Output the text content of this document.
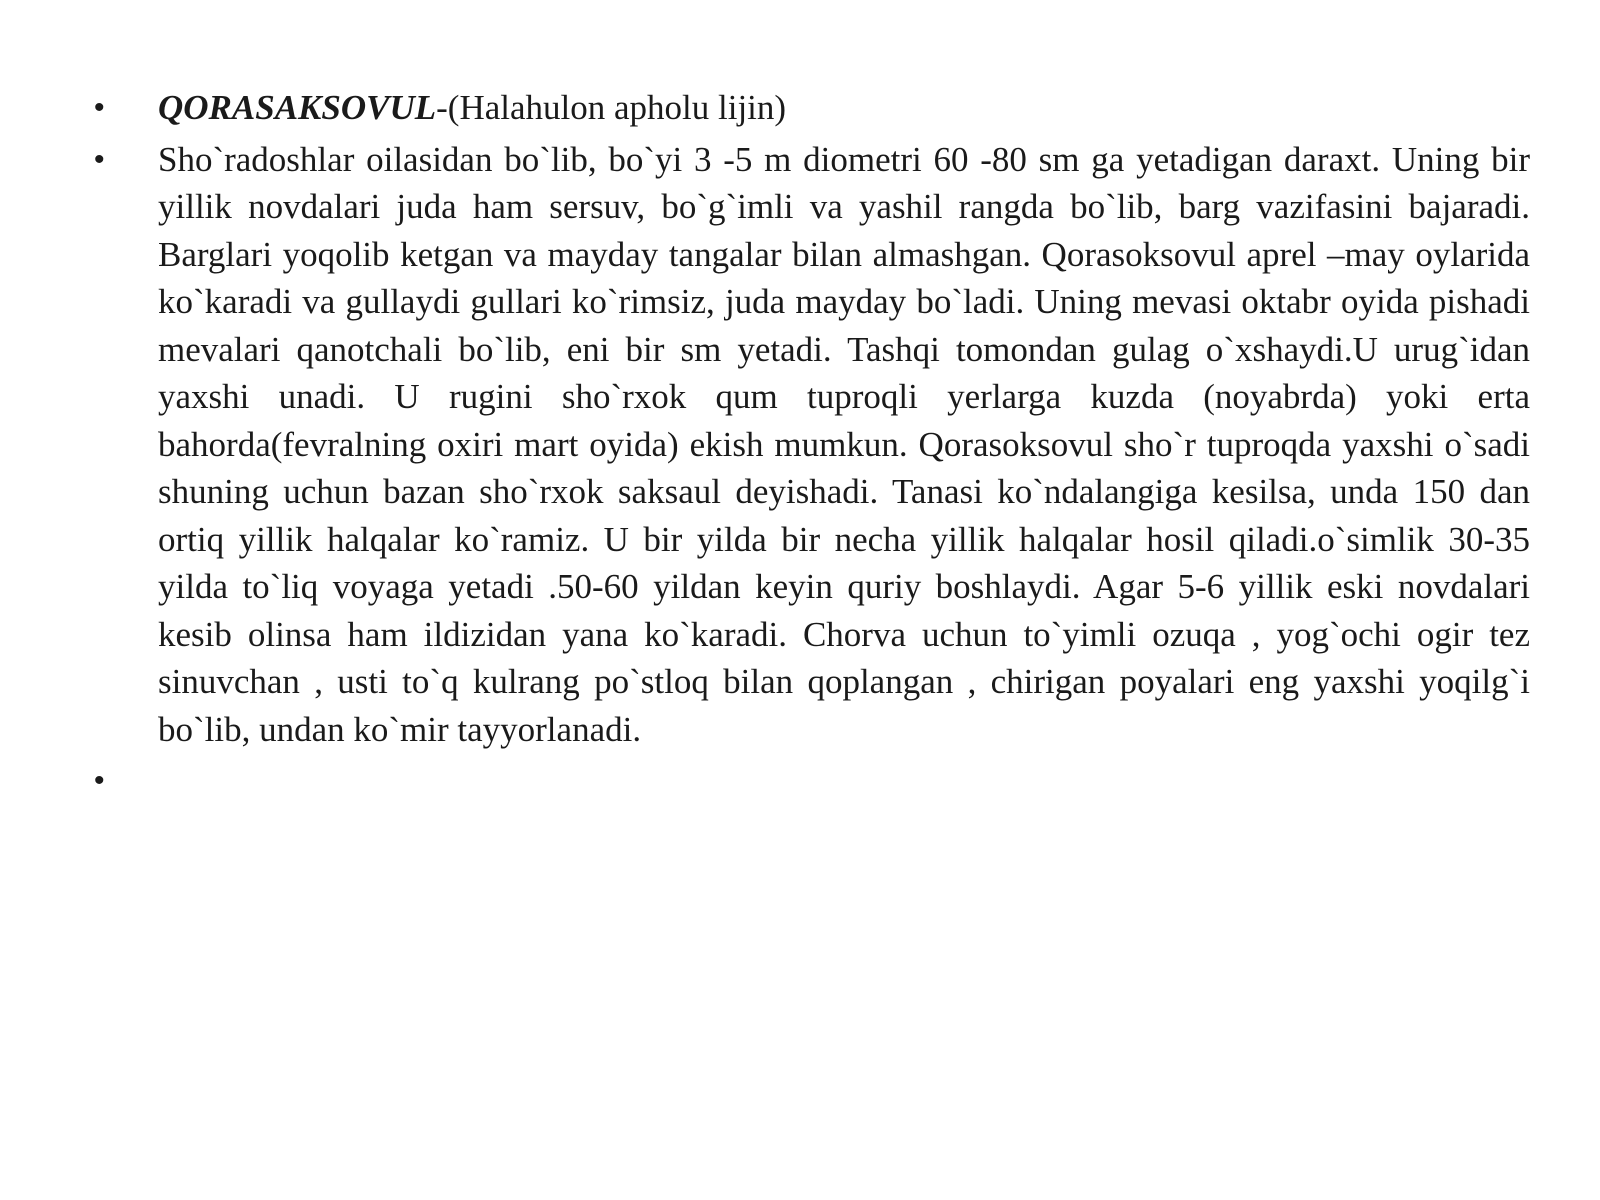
• QORASAKSOVUL-(Halahulon apholu lijin)
• Sho`radoshlar oilasidan bo`lib, bo`yi 3 -5 m diometri 60 -80 sm ga yetadigan daraxt. Uning bir yillik novdalari juda ham sersuv, bo`g`imli va yashil rangda bo`lib, barg vazifasini bajaradi. Barglari yoqolib ketgan va mayday tangalar bilan almashgan. Qorasoksovul aprel –may oylarida ko`karadi va gullaydi gullari ko`rimsiz, juda mayday bo`ladi. Uning mevasi oktabr oyida pishadi mevalari qanotchali bo`lib, eni bir sm yetadi. Tashqi tomondan gulag o`xshaydi.U urug`idan yaxshi unadi. U rugini sho`rxok qum tuproqli yerlarga kuzda (noyabrda) yoki erta bahorda(fevralning oxiri mart oyida) ekish mumkun. Qorasoksovul sho`r tuproqda yaxshi o`sadi shuning uchun bazan sho`rxok saksaul deyishadi. Tanasi ko`ndalangiga kesilsa, unda 150 dan ortiq yillik halqalar ko`ramiz. U bir yilda bir necha yillik halqalar hosil qiladi.o`simlik 30-35 yilda to`liq voyaga yetadi .50-60 yildan keyin quriy boshlaydi. Agar 5-6 yillik eski novdalari kesib olinsa ham ildizidan yana ko`karadi. Chorva uchun to`yimli ozuqa , yog`ochi ogir tez sinuvchan , usti to`q kulrang po`stloq bilan qoplangan , chirigan poyalari eng yaxshi yoqilg`i bo`lib, undan ko`mir tayyorlanadi.
•
